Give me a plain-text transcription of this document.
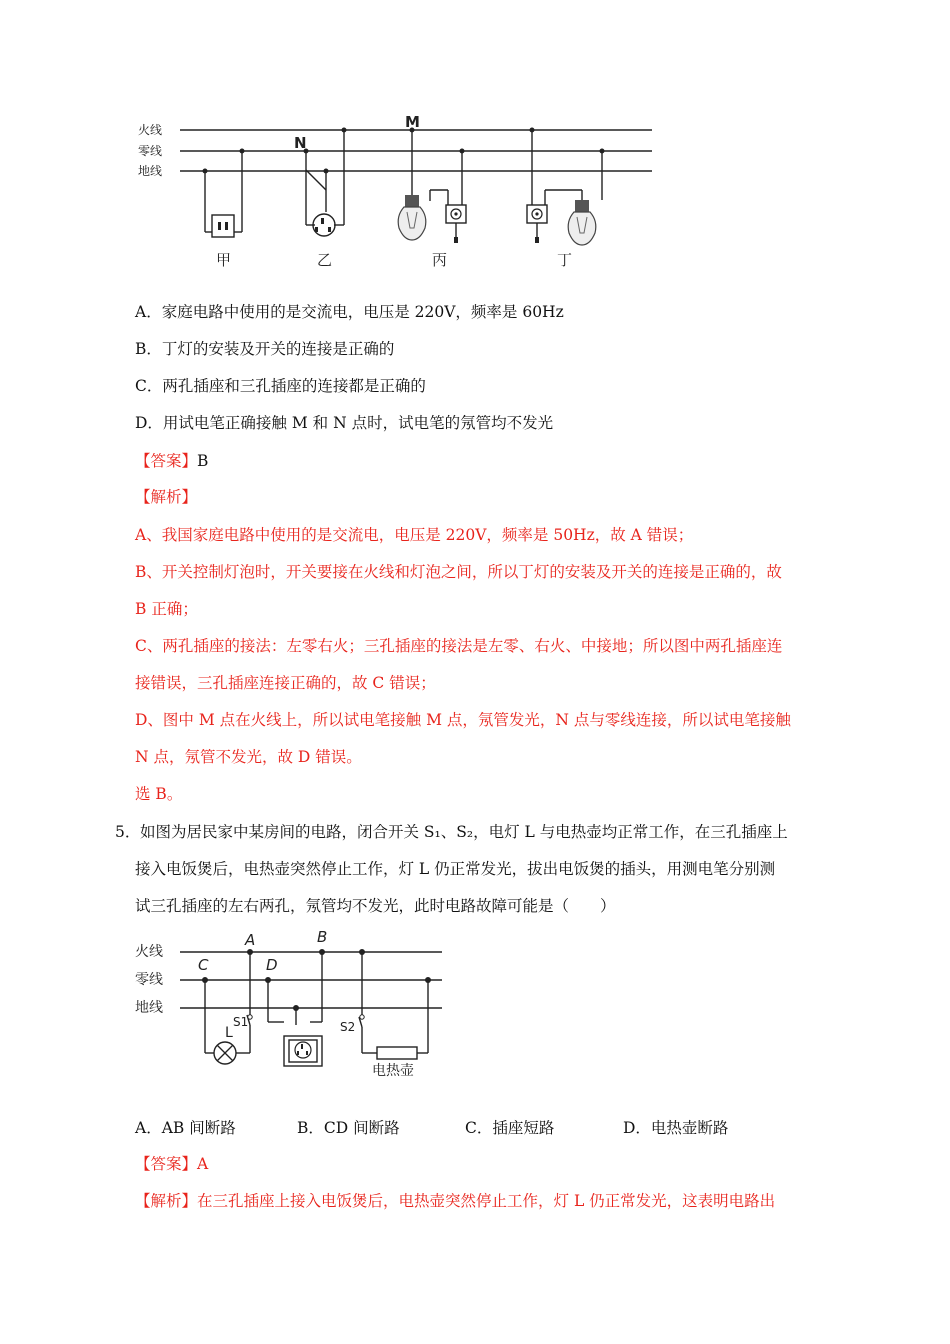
火线
零线
地线
M
N
甲	乙	丙	丁
A．家庭电路中使用的是交流电，电压是 220V，频率是 60Hz
B．丁灯的安装及开关的连接是正确的
C．两孔插座和三孔插座的连接都是正确的
D．用试电笔正确接触 M 和 N 点时，试电笔的氖管均不发光
【答案】B
【解析】
A、我国家庭电路中使用的是交流电，电压是 220V，频率是 50Hz，故 A 错误；
B、开关控制灯泡时，开关要接在火线和灯泡之间，所以丁灯的安装及开关的连接是正确的，故
B 正确；
C、两孔插座的接法：左零右火；三孔插座的接法是左零、右火、中接地；所以图中两孔插座连
接错误，三孔插座连接正确的，故 C 错误；
D、图中 M 点在火线上，所以试电笔接触 M 点，氖管发光，N 点与零线连接，所以试电笔接触
N 点，氖管不发光，故 D 错误。
选 B。
5． 如图为居民家中某房间的电路，闭合开关 S₁、S₂，电灯 L 与电热壶均正常工作，在三孔插座上
接入电饭煲后，电热壶突然停止工作，灯 L 仍正常发光，拔出电饭煲的插头，用测电笔分别测
试三孔插座的左右两孔，氖管均不发光，此时电路故障可能是（　　）
火线
零线
地线
A	B
C	D
L
S1	S2
电热壶
A．AB 间断路	B．CD 间断路	C．插座短路	D．电热壶断路
【答案】A
【解析】在三孔插座上接入电饭煲后，电热壶突然停止工作，灯 L 仍正常发光，这表明电路出
